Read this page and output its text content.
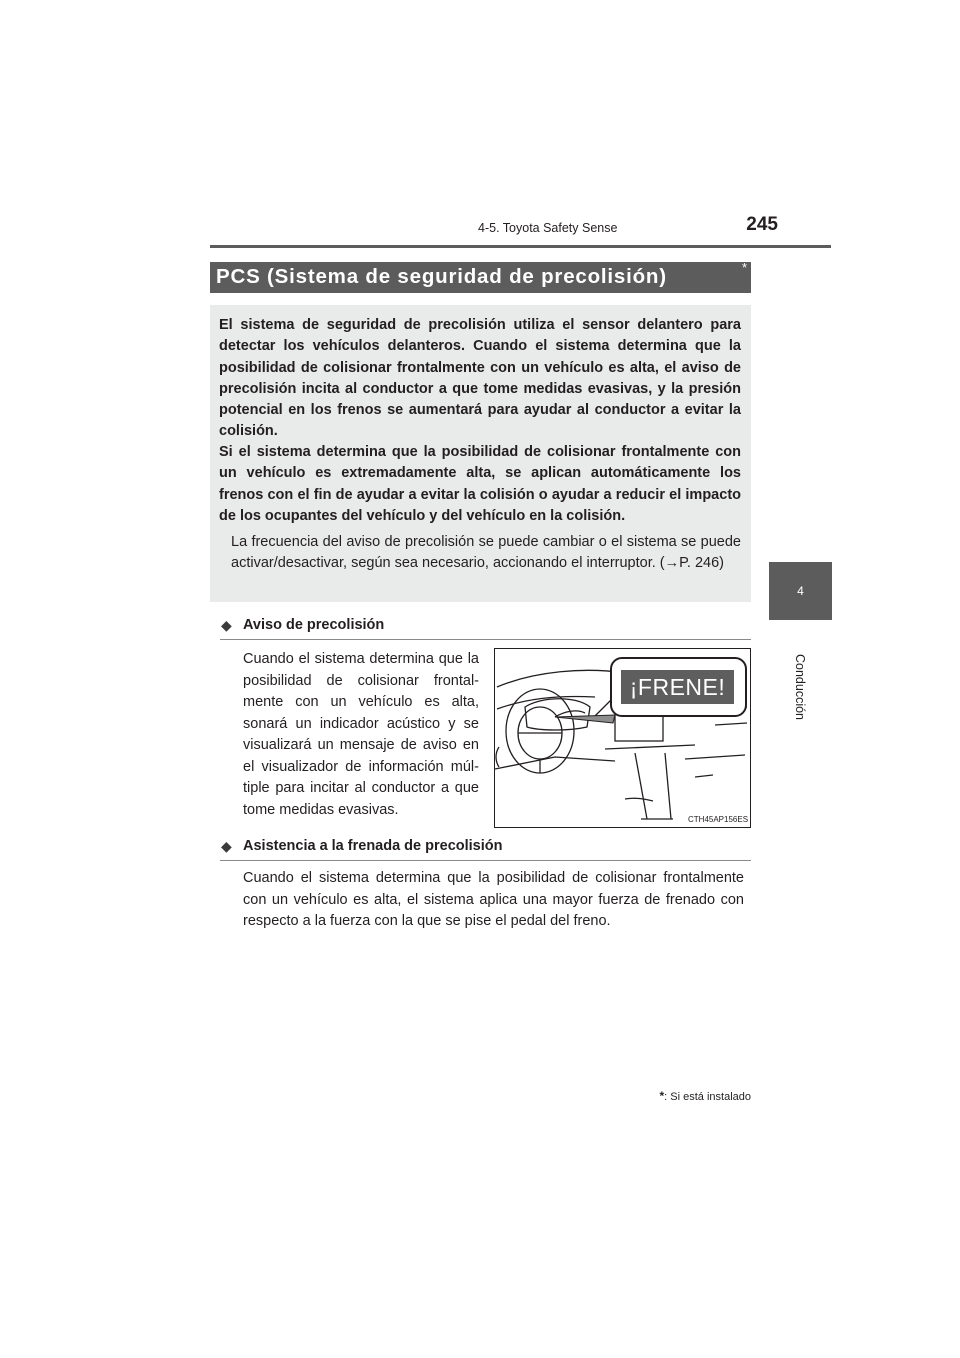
4-5. Toyota Safety Sense	245
4
Conducción
PCS (Sistema de seguridad de precolisión)	*

El sistema de seguridad de precolisión utiliza el sensor delantero para detectar los vehículos delanteros. Cuando el sistema determina que la posibilidad de colisionar frontalmente con un vehículo es alta, el aviso de precolisión incita al conductor a que tome medidas evasivas, y la presión potencial en los frenos se aumentará para ayudar al conductor a evitar la colisión.

Si el sistema determina que la posibilidad de colisionar frontalmente con un vehículo es extremadamente alta, se aplican automáticamente los frenos con el fin de ayudar a evitar la colisión o ayudar a reducir el impacto de los ocupantes del vehículo y del vehículo en la colisión.

La frecuencia del aviso de precolisión se puede cambiar o el sistema se puede activar/desactivar, según sea necesario, accionando el interruptor. (→P. 246)

◆ Aviso de precolisión

Cuando el sistema determina que la posibilidad de colisionar frontal-mente con un vehículo es alta, sonará un indicador acústico y se visualizará un mensaje de aviso en el visualizador de información múl-tiple para incitar al conductor a que tome medidas evasivas.

¡FRENE!
CTH45AP156ES
◆ Asistencia a la frenada de precolisión

Cuando el sistema determina que la posibilidad de colisionar frontalmente con un vehículo es alta, el sistema aplica una mayor fuerza de frenado con respecto a la fuerza con la que se pise el pedal del freno.

*: Si está instalado
